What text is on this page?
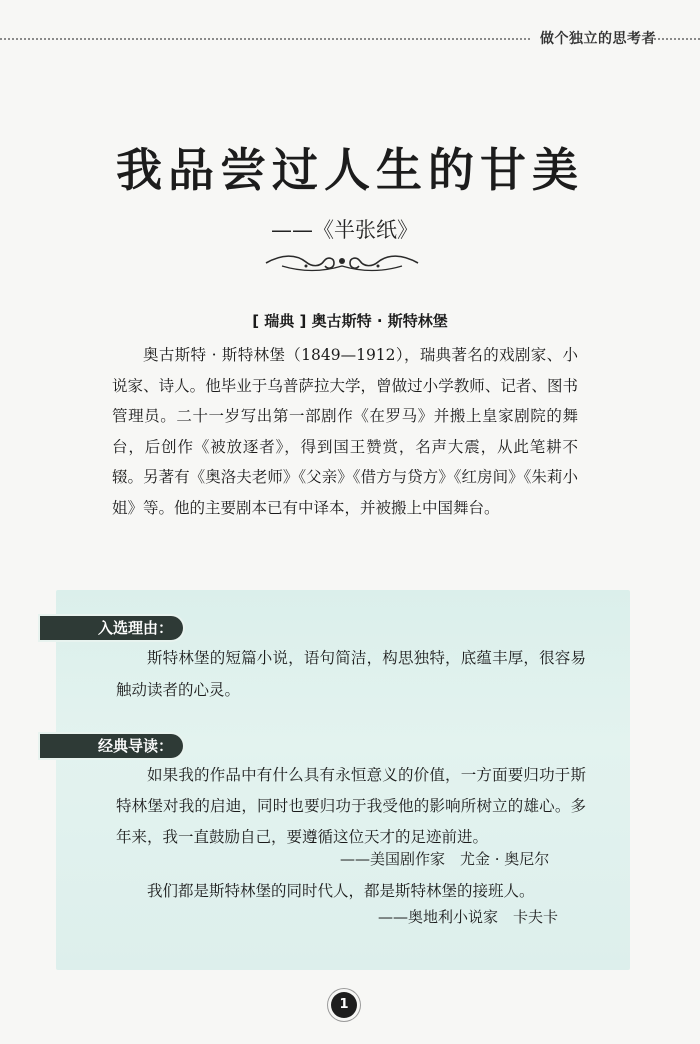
做个独立的思考者
我品尝过人生的甘美
——《半张纸》
[ 瑞典 ] 奥古斯特 · 斯特林堡

奥古斯特 · 斯特林堡（1849—1912），瑞典著名的戏剧家、小说家、诗人。他毕业于乌普萨拉大学，曾做过小学教师、记者、图书管理员。二十一岁写出第一部剧作《在罗马》并搬上皇家剧院的舞台，后创作《被放逐者》，得到国王赞赏，名声大震，从此笔耕不辍。另著有《奥洛夫老师》《父亲》《借方与贷方》《红房间》《朱莉小姐》等。他的主要剧本已有中译本，并被搬上中国舞台。

入选理由：

斯特林堡的短篇小说，语句简洁，构思独特，底蕴丰厚，很容易触动读者的心灵。

经典导读：

如果我的作品中有什么具有永恒意义的价值，一方面要归功于斯特林堡对我的启迪，同时也要归功于我受他的影响所树立的雄心。多年来，我一直鼓励自己，要遵循这位天才的足迹前进。

——美国剧作家　尤金 · 奥尼尔

我们都是斯特林堡的同时代人，都是斯特林堡的接班人。

——奥地利小说家　卡夫卡
1
